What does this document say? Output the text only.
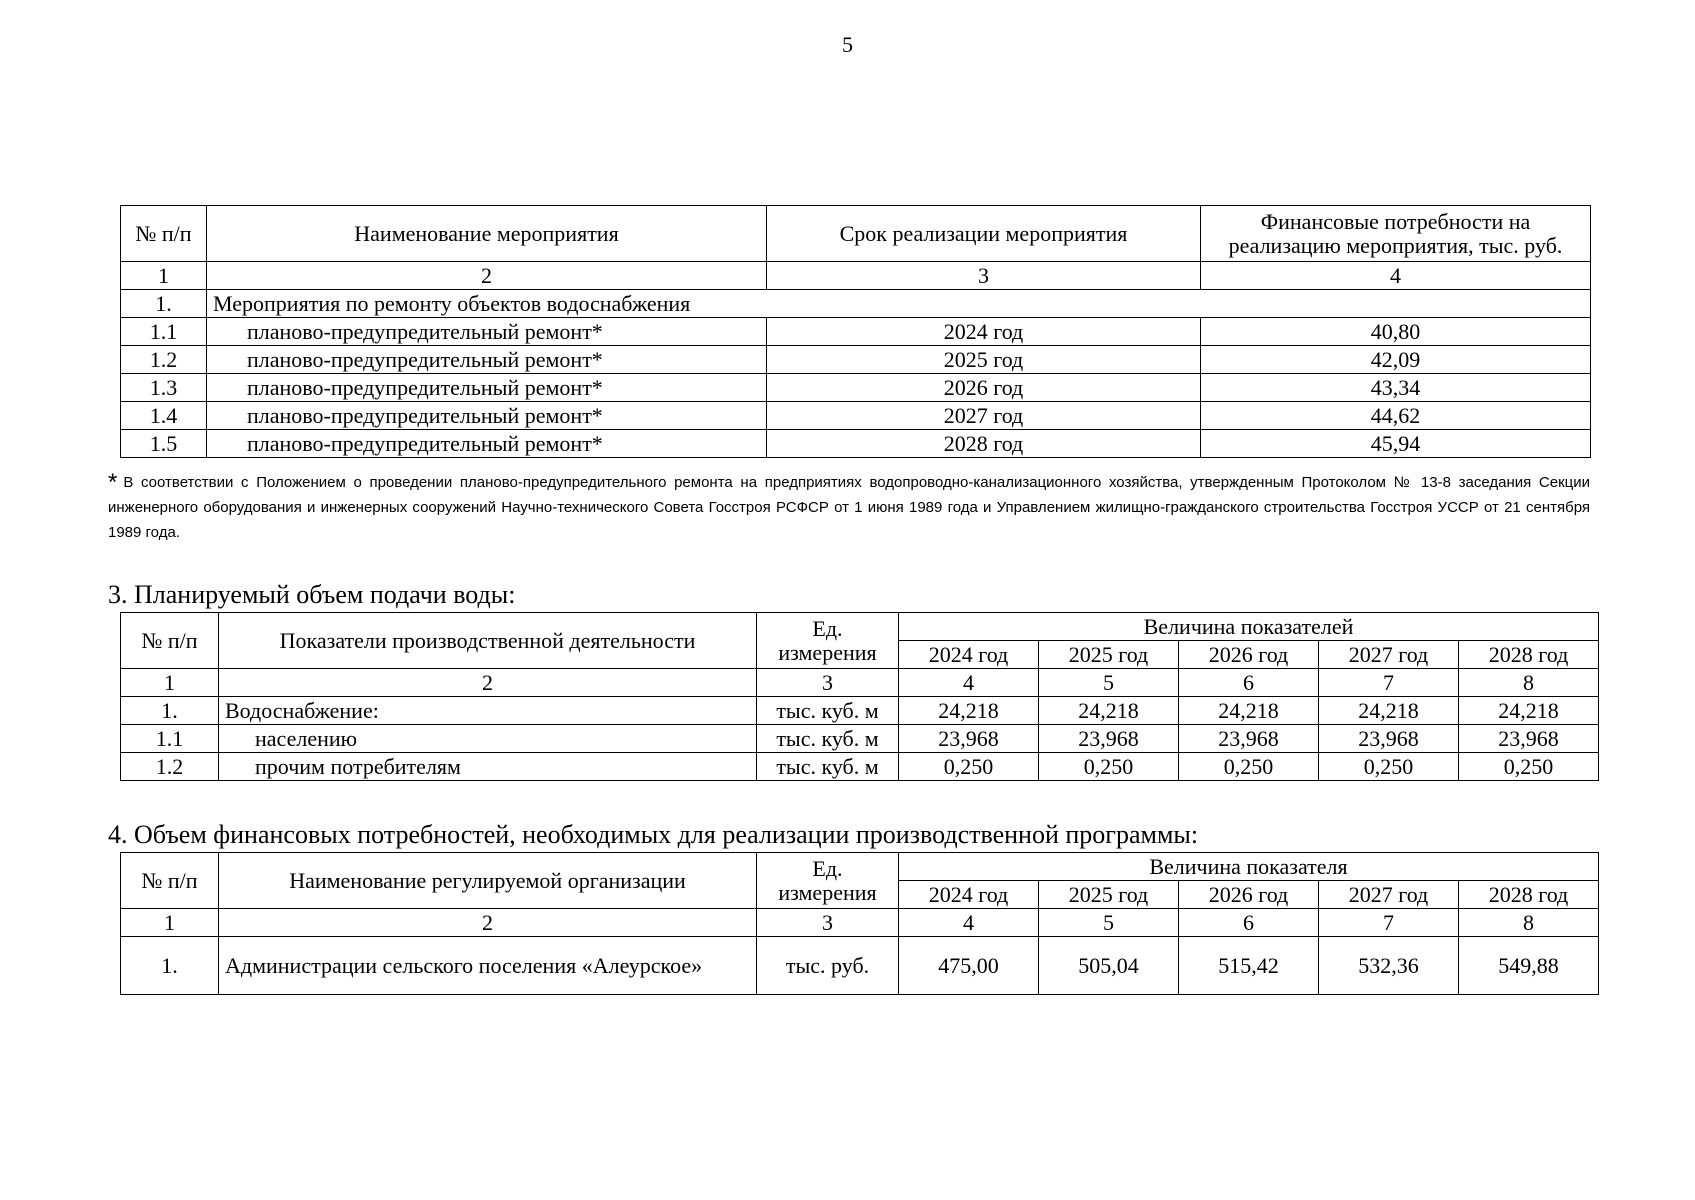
5
№ п/п	Наименование мероприятия	Срок реализации мероприятия	Финансовые потребности на реализацию мероприятия, тыс. руб.
1	2	3	4
1.	Мероприятия по ремонту объектов водоснабжения		
1.1	планово-предупредительный ремонт*	2024 год	40,80
1.2	планово-предупредительный ремонт*	2025 год	42,09
1.3	планово-предупредительный ремонт*	2026 год	43,34
1.4	планово-предупредительный ремонт*	2027 год	44,62
1.5	планово-предупредительный ремонт*	2028 год	45,94
* В соответствии с Положением о проведении планово-предупредительного ремонта на предприятиях водопроводно-канализационного хозяйства, утвержденным Протоколом № 13-8 заседания Секции инженерного оборудования и инженерных сооружений Научно-технического Совета Госстроя РСФСР от 1 июня 1989 года и Управлением жилищно-гражданского строительства Госстроя УССР от 21 сентября 1989 года.
3. Планируемый объем подачи воды:
№ п/п	Показатели производственной деятельности	Ед. измерения	Величина показателей				
			2024 год	2025 год	2026 год	2027 год	2028 год
1	2	3	4	5	6	7	8
1.	Водоснабжение:	тыс. куб. м	24,218	24,218	24,218	24,218	24,218
1.1	населению	тыс. куб. м	23,968	23,968	23,968	23,968	23,968
1.2	прочим потребителям	тыс. куб. м	0,250	0,250	0,250	0,250	0,250
4. Объем финансовых потребностей, необходимых для реализации производственной программы:
№ п/п	Наименование регулируемой организации	Ед. измерения	Величина показателя				
			2024 год	2025 год	2026 год	2027 год	2028 год
1	2	3	4	5	6	7	8
1.	Администрации сельского поселения «Алеурское»	тыс. руб.	475,00	505,04	515,42	532,36	549,88
